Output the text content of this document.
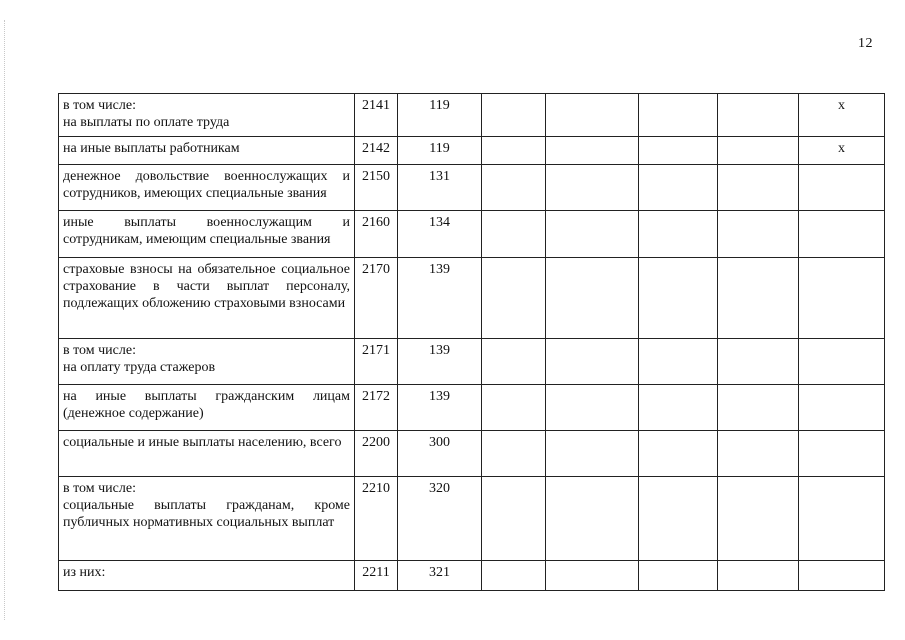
12
в том числе:
на выплаты по оплате труда	2141	119					х

на иные выплаты работникам	2142	119					х

денежное довольствие военнослужащих и сотрудников, имеющих специальные звания	2150	131					

иные выплаты военнослужащим и сотрудникам, имеющим специальные звания	2160	134					

страховые взносы на обязательное социальное страхование в части выплат персоналу, подлежащих обложению страховыми взносами	2170	139					

в том числе:
на оплату труда стажеров	2171	139					

на иные выплаты гражданским лицам (денежное содержание)	2172	139					

социальные и иные выплаты населению, всего	2200	300					

в том числе:
социальные выплаты гражданам, кроме публичных нормативных социальных выплат	2210	320					

из них:	2211	321					
